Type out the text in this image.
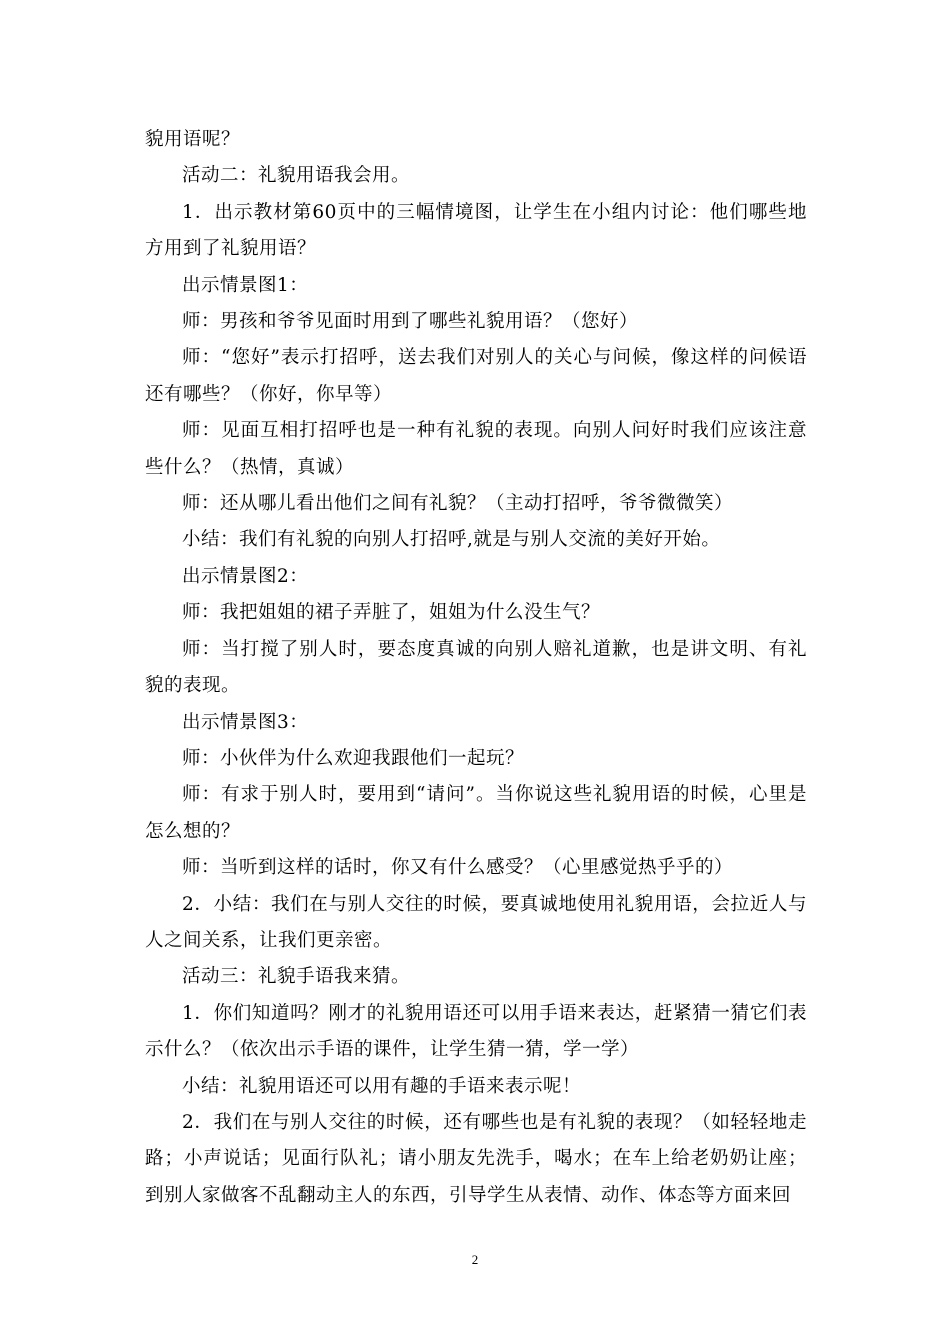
貌用语呢？

活动二：礼貌用语我会用。

1．出示教材第60页中的三幅情境图，让学生在小组内讨论：他们哪些地方用到了礼貌用语？

出示情景图1：

师：男孩和爷爷见面时用到了哪些礼貌用语？（您好）

师：“您好”表示打招呼，送去我们对别人的关心与问候，像这样的问候语还有哪些？（你好，你早等）

师：见面互相打招呼也是一种有礼貌的表现。向别人问好时我们应该注意些什么？（热情，真诚）

师：还从哪儿看出他们之间有礼貌？（主动打招呼，爷爷微微笑）

小结：我们有礼貌的向别人打招呼,就是与别人交流的美好开始。

出示情景图2：

师：我把姐姐的裙子弄脏了，姐姐为什么没生气？

师：当打搅了别人时，要态度真诚的向别人赔礼道歉，也是讲文明、有礼貌的表现。

出示情景图3：

师：小伙伴为什么欢迎我跟他们一起玩？

师：有求于别人时，要用到“请问”。当你说这些礼貌用语的时候，心里是怎么想的？

师：当听到这样的话时，你又有什么感受？（心里感觉热乎乎的）

2．小结：我们在与别人交往的时候，要真诚地使用礼貌用语，会拉近人与人之间关系，让我们更亲密。

活动三：礼貌手语我来猜。

1．你们知道吗？刚才的礼貌用语还可以用手语来表达，赶紧猜一猜它们表示什么？（依次出示手语的课件，让学生猜一猜，学一学）

小结：礼貌用语还可以用有趣的手语来表示呢！

2．我们在与别人交往的时候，还有哪些也是有礼貌的表现？（如轻轻地走路；小声说话；见面行队礼；请小朋友先洗手，喝水；在车上给老奶奶让座；到别人家做客不乱翻动主人的东西，引导学生从表情、动作、体态等方面来回

2
